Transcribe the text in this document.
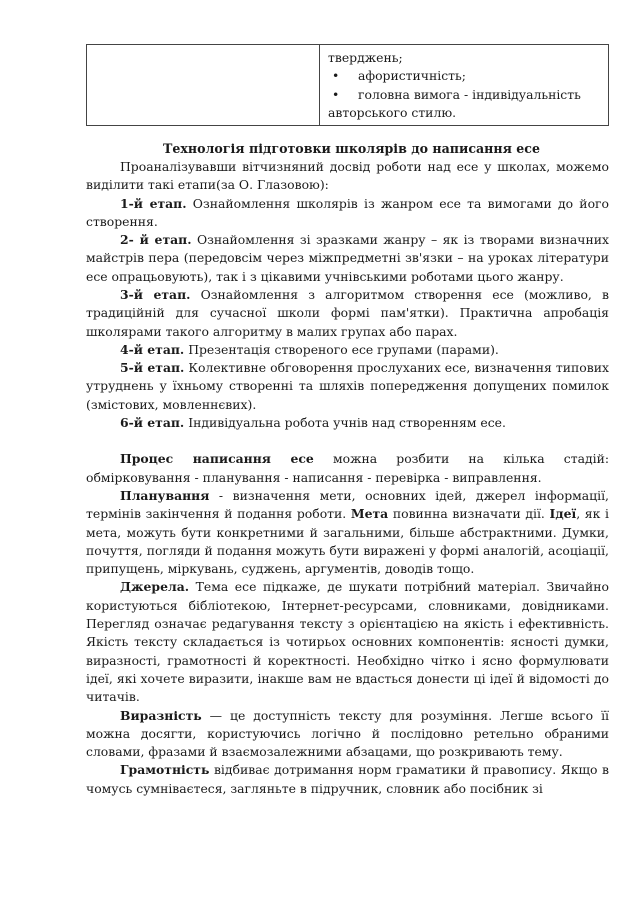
тверджень;
• афористичність;
• головна вимога - індивідуальність
авторського стилю.
Технологія підготовки школярів до написання есе

Проаналізувавши вітчизняний досвід роботи над есе у школах, можемо виділити такі етапи(за О. Глазовою):

1-й етап. Ознайомлення школярів із жанром есе та вимогами до його створення.

2- й етап. Ознайомлення зі зразками жанру – як із творами визначних майстрів пера (передовсім через міжпредметні зв'язки – на уроках літератури есе опрацьовують), так і з цікавими учнівськими роботами цього жанру.

3-й етап. Ознайомлення з алгоритмом створення есе (можливо, в традиційній для сучасної школи формі пам'ятки). Практична апробація школярами такого алгоритму в малих групах або парах.

4-й етап. Презентація створеного есе групами (парами).

5-й етап. Колективне обговорення прослуханих есе, визначення типових утруднень у їхньому створенні та шляхів попередження допущених помилок (змістових, мовленнєвих).

6-й етап. Індивідуальна робота учнів над створенням есе.

Процес написання есе можна розбити на кілька стадій: обмірковування - планування - написання - перевірка - виправлення.

Планування - визначення мети, основних ідей, джерел інформації, термінів закінчення й подання роботи. Мета повинна визначати дії. Ідеї, як і мета, можуть бути конкретними й загальними, більше абстрактними. Думки, почуття, погляди й подання можуть бути виражені у формі аналогій, асоціації, припущень, міркувань, суджень, аргументів, доводів тощо.

Джерела. Тема есе підкаже, де шукати потрібний матеріал. Звичайно користуються бібліотекою, Інтернет-ресурсами, словниками, довідниками. Перегляд означає редагування тексту з орієнтацією на якість і ефективність. Якість тексту складається із чотирьох основних компонентів: ясності думки, виразності, грамотності й коректності. Необхідно чітко і ясно формулювати ідеї, які хочете виразити, інакше вам не вдасться донести ці ідеї й відомості до читачів.

Виразність — це доступність тексту для розуміння. Легше всього її можна досягти, користуючись логічно й послідовно ретельно обраними словами, фразами й взаємозалежними абзацами, що розкривають тему.

Грамотність відбиває дотримання норм граматики й правопису. Якщо в чомусь сумніваєтеся, загляньте в підручник, словник або посібник зі
